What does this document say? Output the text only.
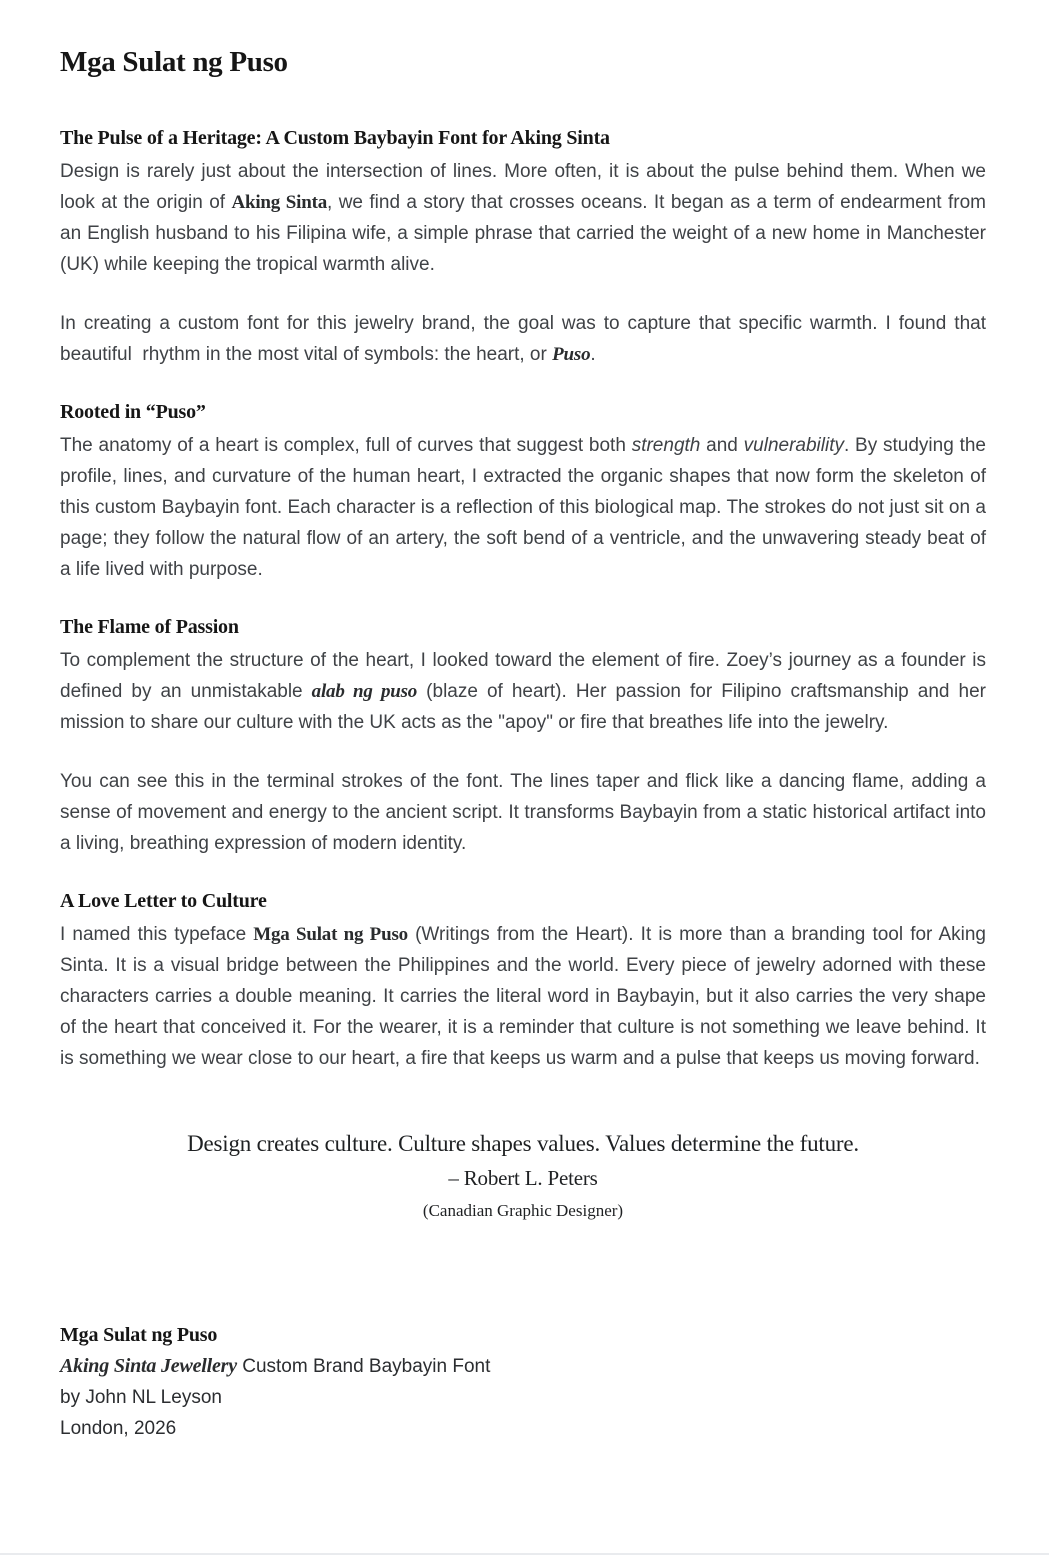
Mga Sulat ng Puso
The Pulse of a Heritage: A Custom Baybayin Font for Aking Sinta

Design is rarely just about the intersection of lines. More often, it is about the pulse behind them. When we look at the origin of Aking Sinta, we find a story that crosses oceans. It began as a term of endearment from an English husband to his Filipina wife, a simple phrase that carried the weight of a new home in Manchester (UK) while keeping the tropical warmth alive.

In creating a custom font for this jewelry brand, the goal was to capture that specific warmth. I found that beautiful  rhythm in the most vital of symbols: the heart, or Puso.

Rooted in “Puso”

The anatomy of a heart is complex, full of curves that suggest both strength and vulnerability. By studying the profile, lines, and curvature of the human heart, I extracted the organic shapes that now form the skeleton of this custom Baybayin font. Each character is a reflection of this biological map. The strokes do not just sit on a page; they follow the natural flow of an artery, the soft bend of a ventricle, and the unwavering steady beat of a life lived with purpose.

The Flame of Passion

To complement the structure of the heart, I looked toward the element of fire. Zoey’s journey as a founder is defined by an unmistakable alab ng puso (blaze of heart). Her passion for Filipino craftsmanship and her mission to share our culture with the UK acts as the "apoy" or fire that breathes life into the jewelry.

You can see this in the terminal strokes of the font. The lines taper and flick like a dancing flame, adding a sense of movement and energy to the ancient script. It transforms Baybayin from a static historical artifact into a living, breathing expression of modern identity.

A Love Letter to Culture

I named this typeface Mga Sulat ng Puso (Writings from the Heart). It is more than a branding tool for Aking Sinta. It is a visual bridge between the Philippines and the world. Every piece of jewelry adorned with these characters carries a double meaning. It carries the literal word in Baybayin, but it also carries the very shape of the heart that conceived it. For the wearer, it is a reminder that culture is not something we leave behind. It is something we wear close to our heart, a fire that keeps us warm and a pulse that keeps us moving forward.

Design creates culture. Culture shapes values. Values determine the future.
– Robert L. Peters
(Canadian Graphic Designer)
Mga Sulat ng Puso
Aking Sinta Jewellery Custom Brand Baybayin Font
by John NL Leyson
London, 2026
